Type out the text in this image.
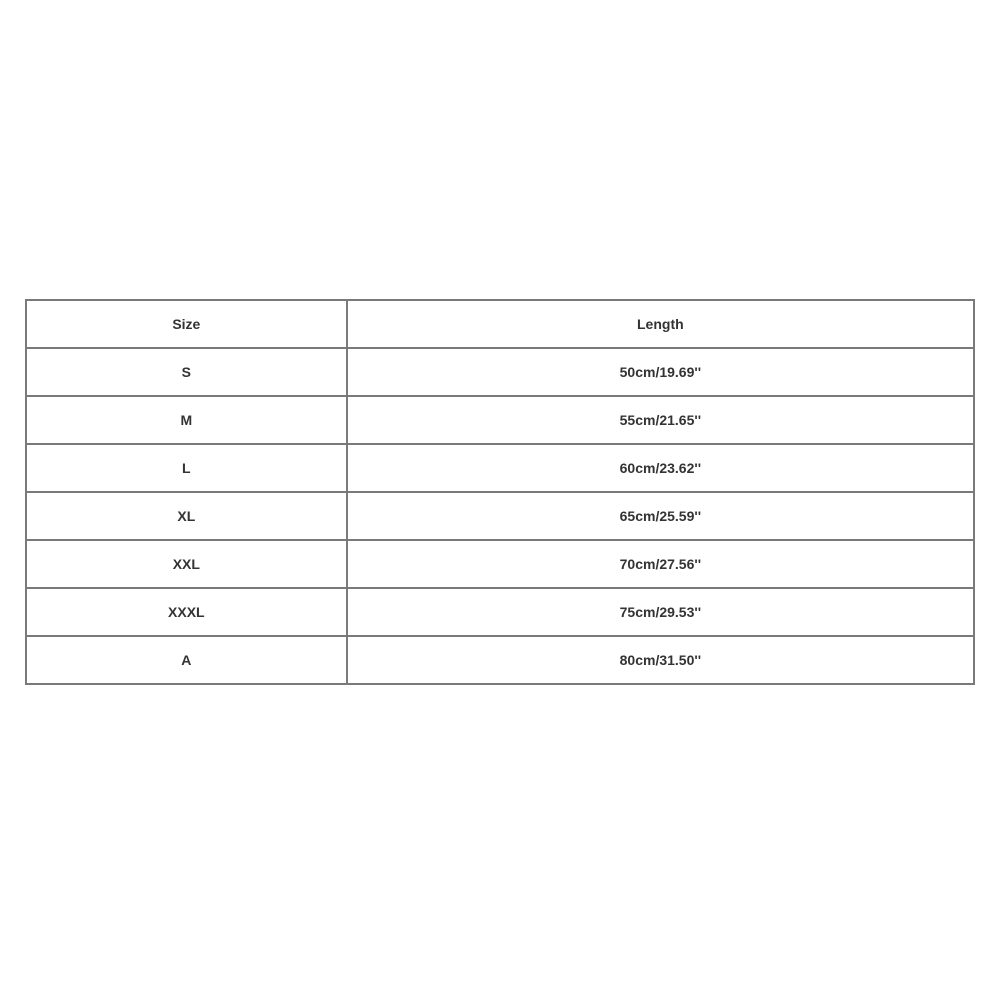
Size	Length
S	50cm/19.69''
M	55cm/21.65''
L	60cm/23.62''
XL	65cm/25.59''
XXL	70cm/27.56''
XXXL	75cm/29.53''
A	80cm/31.50''
